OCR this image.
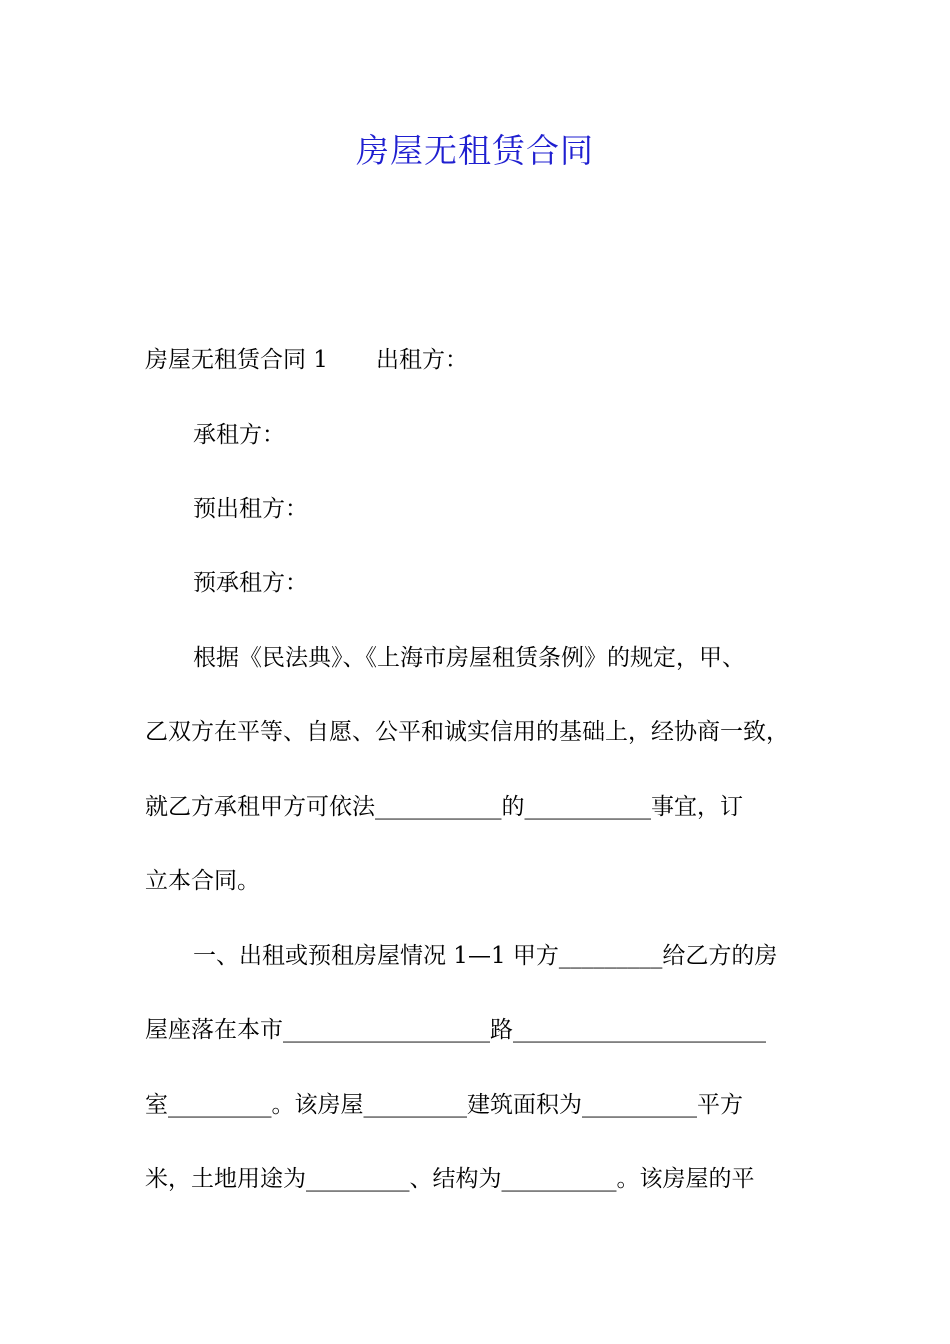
房屋无租赁合同
房屋无租赁合同 1 出租方：
承租方：
预出租方：
预承租方：
根据《民法典》、《上海市房屋租赁条例》的规定，甲、
乙双方在平等、自愿、公平和诚实信用的基础上，经协商一致，
就乙方承租甲方可依法___________的___________事宜，订
立本合同。
一、出租或预租房屋情况 1—1 甲方_________给乙方的房
屋座落在本市__________________路______________________
室_________。该房屋_________建筑面积为__________平方
米，土地用途为_________、结构为__________。该房屋的平
